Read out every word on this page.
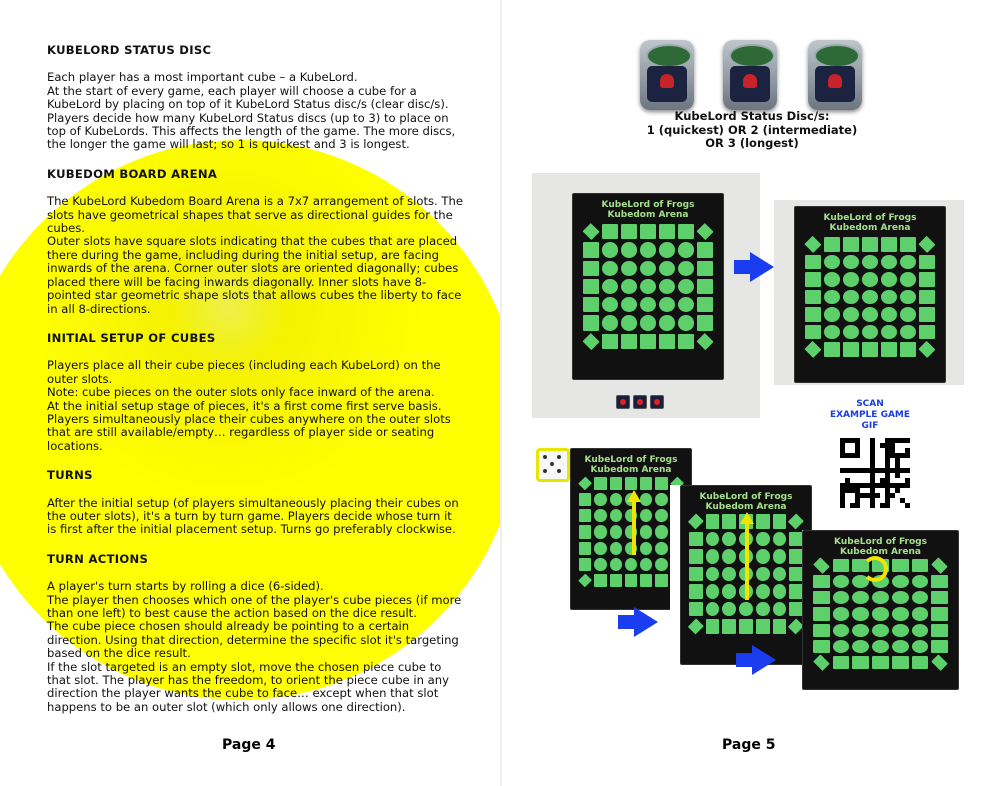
KUBELORD STATUS DISC

Each player has a most important cube – a KubeLord.
At the start of every game, each player will choose a cube for a KubeLord by placing on top of it KubeLord Status disc/s (clear disc/s). Players decide how many KubeLord Status discs (up to 3) to place on top of KubeLords. This affects the length of the game. The more discs, the longer the game will last; so 1 is quickest and 3 is longest.

KUBEDOM BOARD ARENA

The KubeLord Kubedom Board Arena is a 7x7 arrangement of slots. The slots have geometrical shapes that serve as directional guides for the cubes.
Outer slots have square slots indicating that the cubes that are placed there during the game, including during the initial setup, are facing inwards of the arena. Corner outer slots are oriented diagonally; cubes placed there will be facing inwards diagonally. Inner slots have 8-pointed star geometric shape slots that allows cubes the liberty to face in all 8-directions.

INITIAL SETUP OF CUBES

Players place all their cube pieces (including each KubeLord) on the outer slots.
Note: cube pieces on the outer slots only face inward of the arena.
At the initial setup stage of pieces, it's a first come first serve basis. Players simultaneously place their cubes anywhere on the outer slots that are still available/empty… regardless of player side or seating locations.

TURNS

After the initial setup (of players simultaneously placing their cubes on the outer slots), it's a turn by turn game. Players decide whose turn it is first after the initial placement setup. Turns go preferably clockwise.

TURN ACTIONS

A player's turn starts by rolling a dice (6-sided).
The player then chooses which one of the player's cube pieces (if more than one left) to best cause the action based on the dice result.
The cube piece chosen should already be pointing to a certain direction. Using that direction, determine the specific slot it's targeting based on the dice result.
If the slot targeted is an empty slot, move the chosen piece cube to that slot. The player has the freedom, to orient the piece cube in any direction the player wants the cube to face… except when that slot happens to be an outer slot (which only allows one direction).

Page 4

KubeLord Status Disc/s:

1 (quickest) OR 2 (intermediate)

OR 3 (longest)

KubeLord of Frogs
Kubedom Arena	KubeLord of Frogs
Kubedom Arena

SCAN

EXAMPLE GAME

GIF

KubeLord of Frogs
Kubedom Arena
KubeLord of Frogs
Kubedom Arena
KubeLord of Frogs
Kubedom Arena
Page 5
